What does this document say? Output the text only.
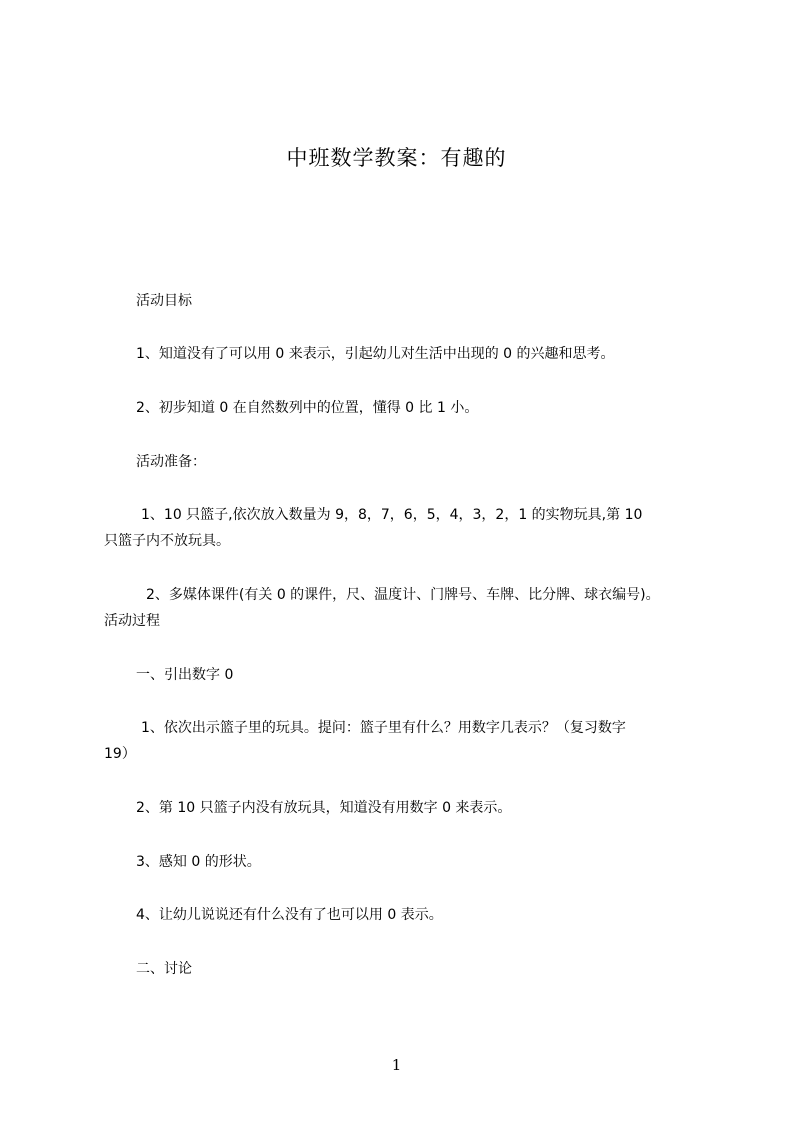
中班数学教案：有趣的
活动目标
1、知道没有了可以用 0 来表示，引起幼儿对生活中出现的 0 的兴趣和思考。
2、初步知道 0 在自然数列中的位置，懂得 0 比 1 小。
活动准备：
1、10 只篮子,依次放入数量为 9，8，7，6，5，4，3，2，1 的实物玩具,第 10
只篮子内不放玩具。
2、多媒体课件(有关 0 的课件，尺、温度计、门牌号、车牌、比分牌、球衣编号)。
活动过程
一、引出数字 0
1、依次出示篮子里的玩具。提问：篮子里有什么？用数字几表示？（复习数字
19）
2、第 10 只篮子内没有放玩具，知道没有用数字 0 来表示。
3、感知 0 的形状。
4、让幼儿说说还有什么没有了也可以用 0 表示。
二、讨论
1
